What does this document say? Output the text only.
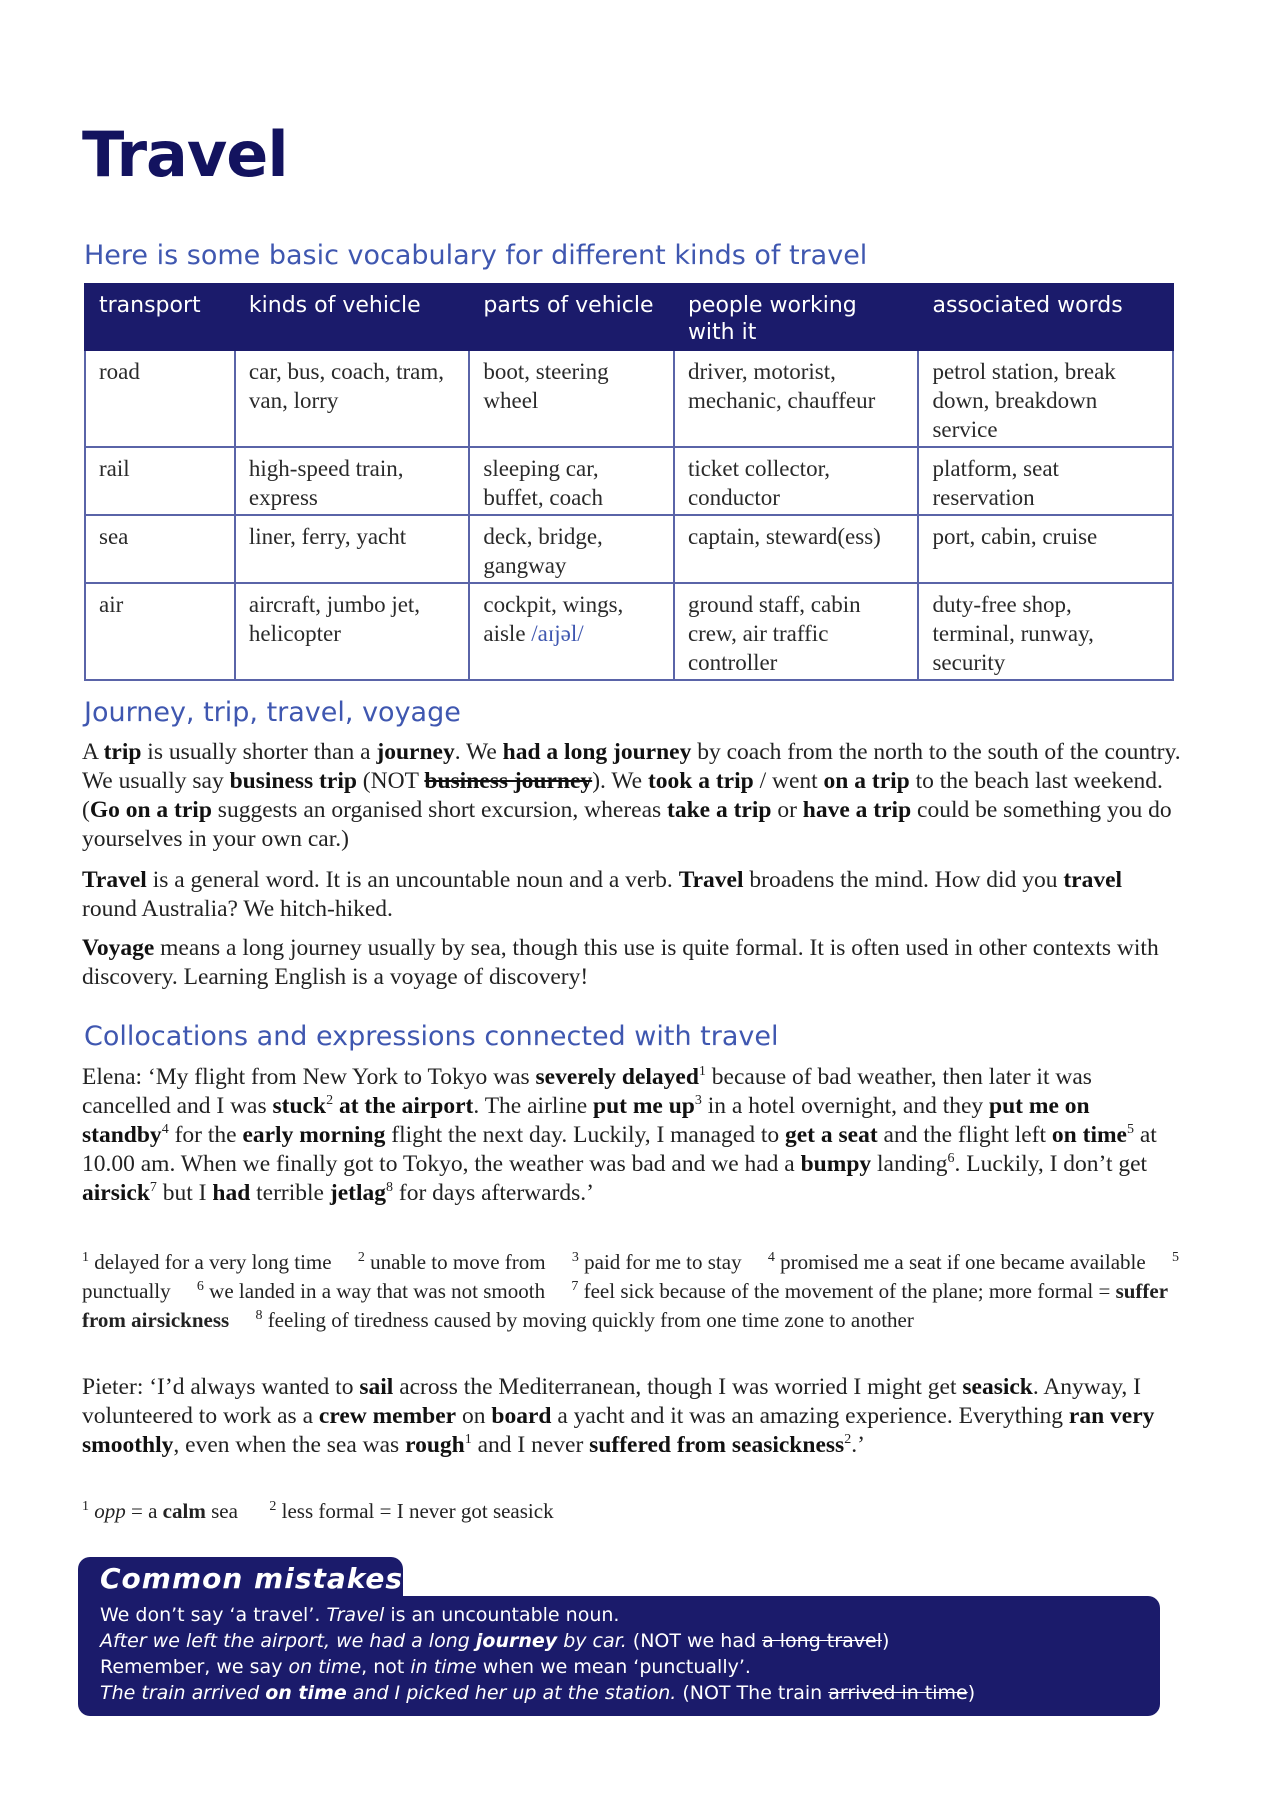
Travel
Here is some basic vocabulary for different kinds of travel
transport	kinds of vehicle	parts of vehicle	people working with it	associated words
road	car, bus, coach, tram, van, lorry	boot, steering wheel	driver, motorist, mechanic, chauffeur	petrol station, break down, breakdown service
rail	high-speed train, express	sleeping car, buffet, coach	ticket collector, conductor	platform, seat reservation
sea	liner, ferry, yacht	deck, bridge, gangway	captain, steward(ess)	port, cabin, cruise
air	aircraft, jumbo jet, helicopter	cockpit, wings, aisle /aɪjəl/	ground staff, cabin crew, air traffic controller	duty-free shop, terminal, runway, security
Journey, trip, travel, voyage

A trip is usually shorter than a journey. We had a long journey by coach from the north to the south of the country. We usually say business trip (NOT business journey). We took a trip / went on a trip to the beach last weekend. (Go on a trip suggests an organised short excursion, whereas take a trip or have a trip could be something you do yourselves in your own car.)

Travel is a general word. It is an uncountable noun and a verb. Travel broadens the mind. How did you travel round Australia? We hitch-hiked.

Voyage means a long journey usually by sea, though this use is quite formal. It is often used in other contexts with discovery. Learning English is a voyage of discovery!

Collocations and expressions connected with travel

Elena: ‘My flight from New York to Tokyo was severely delayed$^1$ because of bad weather, then later it was cancelled and I was stuck$^2$ at the airport. The airline put me $up^3$ in a hotel overnight, and they put me on standby$^4$ for the early morning flight the next day. Luckily, I managed to get a seat and the flight left on time$^5$ at 10.00 am. When we finally got to Tokyo, the weather was bad and we had a bumpy landing$^6$. Luckily, I don’t get airsick$^7$ but I had terrible jetlag$^8$ for days afterwards.’

$^1$ delayed for a very long time $^2$ unable to move from $^3$ paid for me to stay $^4$ promised me a seat if one became available $^5$ punctually $^6$ we landed in a way that was not smooth $^7$ feel sick because of the movement of the plane; more formal = suffer from airsickness $^8$ feeling of tiredness caused by moving quickly from one time zone to another

Pieter: ‘I’d always wanted to sail across the Mediterranean, though I was worried I might get seasick. Anyway, I volunteered to work as a crew member on board a yacht and it was an amazing experience. Everything ran very smoothly, even when the sea was rough$^1$ and I never suffered from seasickness$^2$.’

$^1$ opp = a calm sea $^2$ less formal = I never got seasick

Common mistakes

We don’t say ‘a travel’. Travel is an uncountable noun.

After we left the airport, we had a long journey by car. (NOT we had a long travel)

Remember, we say on time, not in time when we mean ‘punctually’.

The train arrived on time and I picked her up at the station. (NOT The train arrived in time)
